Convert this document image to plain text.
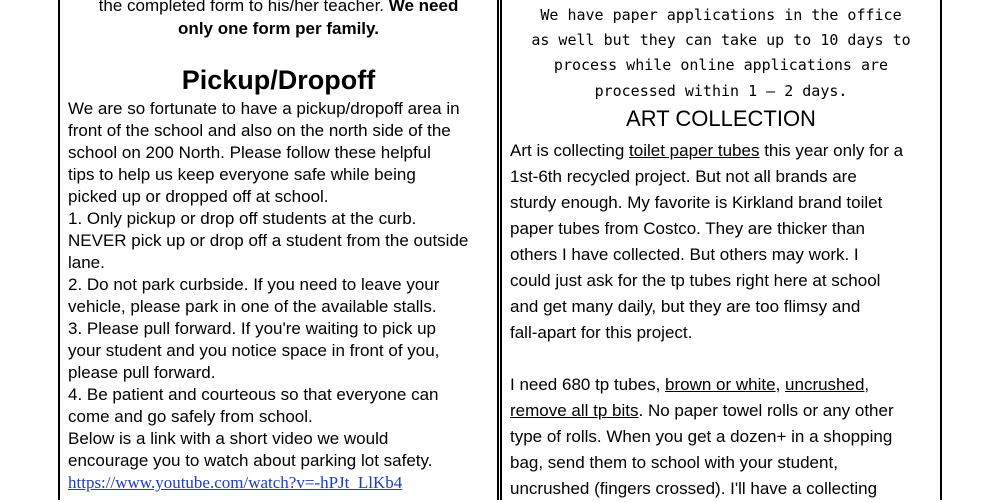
the completed form to his/her teacher. We need
only one form per family.
Pickup/Dropoff
We are so fortunate to have a pickup/dropoff area in
front of the school and also on the north side of the
school on 200 North. Please follow these helpful
tips to help us keep everyone safe while being
picked up or dropped off at school.
1. Only pickup or drop off students at the curb.
NEVER pick up or drop off a student from the outside
lane.
2. Do not park curbside. If you need to leave your
vehicle, please park in one of the available stalls.
3. Please pull forward. If you're waiting to pick up
your student and you notice space in front of you,
please pull forward.
4. Be patient and courteous so that everyone can
come and go safely from school.
Below is a link with a short video we would
encourage you to watch about parking lot safety.
https://www.youtube.com/watch?v=-hPJt_LlKb4
We have paper applications in the office
as well but they can take up to 10 days to
process while online applications are
processed within 1 – 2 days.
ART COLLECTION
Art is collecting toilet paper tubes this year only for a
1st-6th recycled project. But not all brands are
sturdy enough. My favorite is Kirkland brand toilet
paper tubes from Costco. They are thicker than
others I have collected. But others may work. I
could just ask for the tp tubes right here at school
and get many daily, but they are too flimsy and
fall-apart for this project.
I need 680 tp tubes, brown or white, uncrushed,
remove all tp bits. No paper towel rolls or any other
type of rolls. When you get a dozen+ in a shopping
bag, send them to school with your student,
uncrushed (fingers crossed). I'll have a collecting
